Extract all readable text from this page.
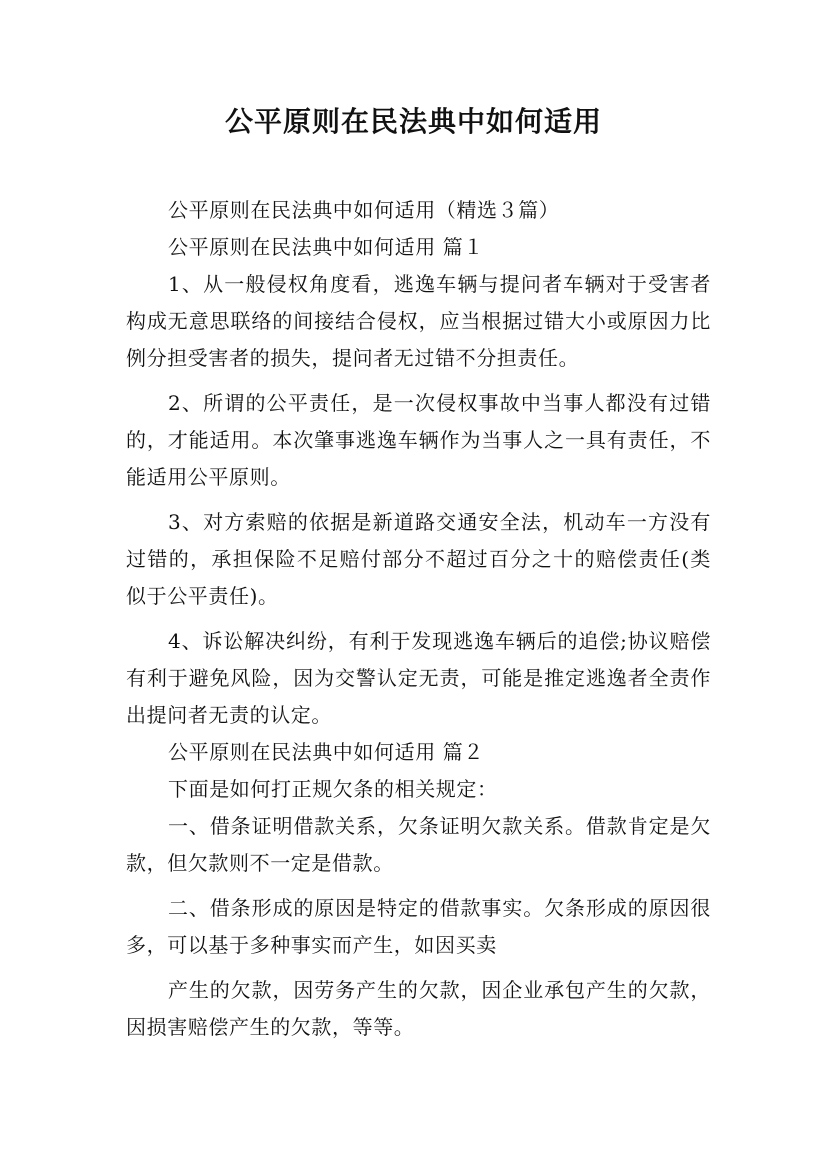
公平原则在民法典中如何适用

公平原则在民法典中如何适用（精选３篇）

公平原则在民法典中如何适用 篇１

1、从一般侵权角度看，逃逸车辆与提问者车辆对于受害者构成无意思联络的间接结合侵权，应当根据过错大小或原因力比例分担受害者的损失，提问者无过错不分担责任。

2、所谓的公平责任，是一次侵权事故中当事人都没有过错的，才能适用。本次肇事逃逸车辆作为当事人之一具有责任，不能适用公平原则。

3、对方索赔的依据是新道路交通安全法，机动车一方没有过错的，承担保险不足赔付部分不超过百分之十的赔偿责任(类似于公平责任)。

4、诉讼解决纠纷，有利于发现逃逸车辆后的追偿;协议赔偿有利于避免风险，因为交警认定无责，可能是推定逃逸者全责作出提问者无责的认定。

公平原则在民法典中如何适用 篇２

下面是如何打正规欠条的相关规定：

一、借条证明借款关系，欠条证明欠款关系。借款肯定是欠款，但欠款则不一定是借款。

二、借条形成的原因是特定的借款事实。欠条形成的原因很多，可以基于多种事实而产生，如因买卖

产生的欠款，因劳务产生的欠款，因企业承包产生的欠款，因损害赔偿产生的欠款，等等。
